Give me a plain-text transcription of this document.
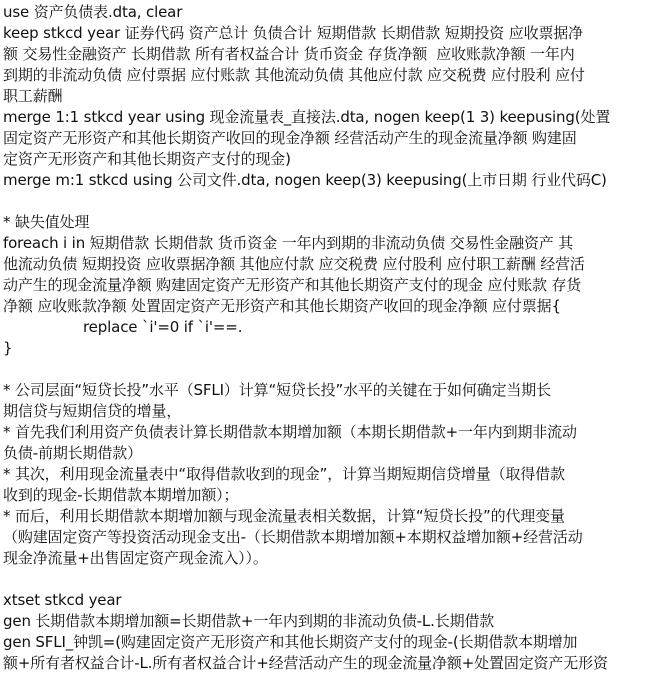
use 资产负债表.dta, clear
keep stkcd year 证券代码 资产总计 负债合计 短期借款 长期借款 短期投资 应收票据净
额 交易性金融资产 长期借款 所有者权益合计 货币资金 存货净额  应收账款净额 一年内
到期的非流动负债 应付票据 应付账款 其他流动负债 其他应付款 应交税费 应付股利 应付
职工薪酬
merge 1:1 stkcd year using 现金流量表_直接法.dta, nogen keep(1 3) keepusing(处置
固定资产无形资产和其他长期资产收回的现金净额 经营活动产生的现金流量净额 购建固
定资产无形资产和其他长期资产支付的现金)
merge m:1 stkcd using 公司文件.dta, nogen keep(3) keepusing(上市日期 行业代码C)
* 缺失值处理
foreach i in 短期借款 长期借款 货币资金 一年内到期的非流动负债 交易性金融资产 其
他流动负债 短期投资 应收票据净额 其他应付款 应交税费 应付股利 应付职工薪酬 经营活
动产生的现金流量净额 购建固定资产无形资产和其他长期资产支付的现金 应付账款 存货
净额 应收账款净额 处置固定资产无形资产和其他长期资产收回的现金净额 应付票据{
replace `i'=0 if `i'==.
}
* 公司层面“短贷长投”水平（SFLI）计算“短贷长投”水平的关键在于如何确定当期长
期信贷与短期信贷的增量，
* 首先我们利用资产负债表计算长期借款本期增加额（本期长期借款+一年内到期非流动
负债-前期长期借款）
* 其次，利用现金流量表中“取得借款收到的现金”，计算当期短期信贷增量（取得借款
收到的现金-长期借款本期增加额）；
* 而后，利用长期借款本期增加额与现金流量表相关数据，计算“短贷长投”的代理变量
（购建固定资产等投资活动现金支出-（长期借款本期增加额+本期权益增加额+经营活动
现金净流量+出售固定资产现金流入））。
xtset stkcd year
gen 长期借款本期增加额=长期借款+一年内到期的非流动负债-L.长期借款
gen SFLI_钟凯=(购建固定资产无形资产和其他长期资产支付的现金-(长期借款本期增加
额+所有者权益合计-L.所有者权益合计+经营活动产生的现金流量净额+处置固定资产无形资
